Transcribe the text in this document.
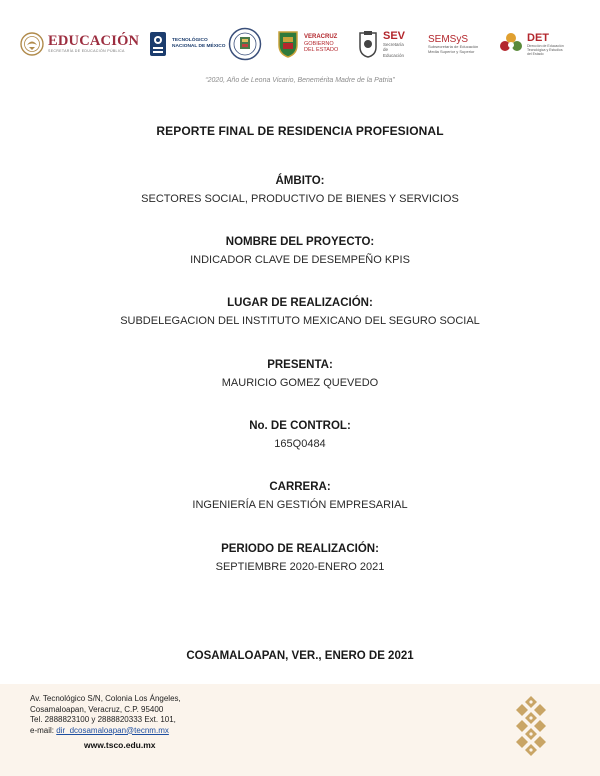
EDUCACIÓN
SECRETARÍA DE EDUCACIÓN PÚBLICA
TECNOLÓGICO
NACIONAL DE MÉXICO
VERACRUZ
GOBIERNO
DEL ESTADO
SEV
Secretaría
de
Educación
SEMSyS
Subsecretaría de Educación
Media Superior y Superior
DET
Dirección de Educación
Tecnológica y Estudios
del Estado
“2020, Año de Leona Vicario, Benemérita Madre de la Patria”
REPORTE FINAL DE RESIDENCIA PROFESIONAL
ÁMBITO:
SECTORES SOCIAL, PRODUCTIVO DE BIENES Y SERVICIOS
NOMBRE DEL PROYECTO:
INDICADOR CLAVE DE DESEMPEÑO KPIS
LUGAR DE REALIZACIÓN:
SUBDELEGACION DEL INSTITUTO MEXICANO DEL SEGURO SOCIAL
PRESENTA:
MAURICIO GOMEZ QUEVEDO
No. DE CONTROL:
165Q0484
CARRERA:
INGENIERÍA EN GESTIÓN EMPRESARIAL
PERIODO DE REALIZACIÓN:
SEPTIEMBRE 2020-ENERO 2021
COSAMALOAPAN, VER., ENERO DE 2021
Av. Tecnológico S/N, Colonia Los Ángeles,
Cosamaloapan, Veracruz, C.P. 95400
Tel. 2888823100 y 2888820333 Ext. 101,
e-mail: dir_dcosamaloapan@tecnm.mx
www.tsco.edu.mx
